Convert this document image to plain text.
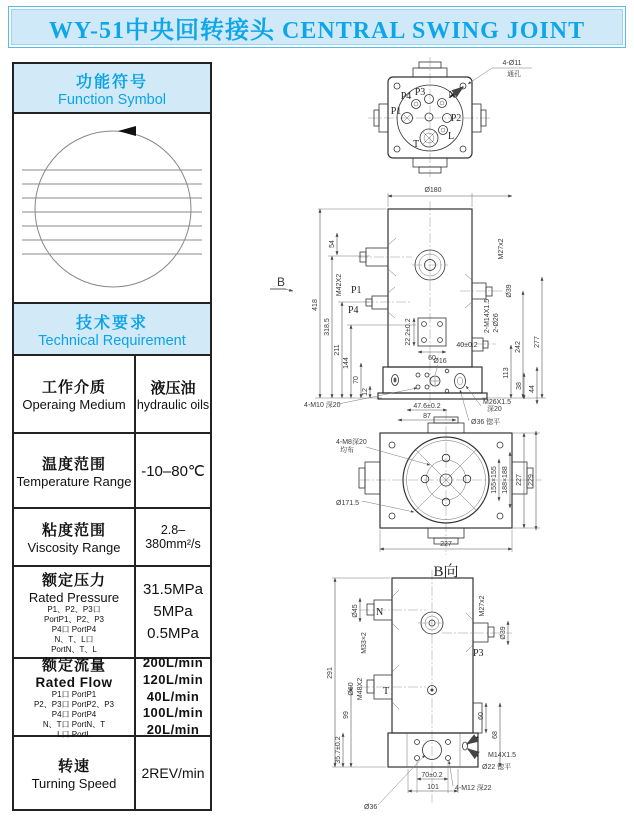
WY-51中央回转接头 CENTRAL SWING JOINT
功能符号
Function Symbol
技术要求
Technical Requirement
工作介质
Operaing Medium
液压油
hydraulic oils
温度范围
Temperature Range
-10–80℃
粘度范围
Viscosity Range
2.8–380mm²/s
额定压力
Rated Pressure
P1、P2、P3口
PortP1、P2、P3
P4口 PortP4
N、T、L口
PortN、T、L
31.5MPa
5MPa
0.5MPa
额定流量
Rated Flow
P1口 PortP1
P2、P3口 PortP2、P3
P4口 PortP4
N、T口 PortN、T
L口 PortL
200L/min
120L/min
40L/min
100L/min
20L/min
转速
Turning Speed
2REV/min
P3 N
P4
P1
P2
L
T
4-Ø11
通孔
B
Ø180
418
318.5
211
144
70
12
54
M42X2 P1
P4
M27x2
Ø39
2-M14X1.5 2-Ø26
113
242 277
38 44
22.2±0.2
60
40±0.2
Ø16
4-M10 深20	47.6±0.2
87
M26X1.5
深20
Ø36 锪平
4-M8深20
均布
Ø171.5
155×155 188×188 227 229
227
B向
N
Ø45
M33×2
T
Ø60 M48X2
P3
M27x2
Ø39
291
99
35.7±0.2
60
68
M14X1.5
Ø22 锪平
70±0.2
101 4-M12 深22
Ø36
